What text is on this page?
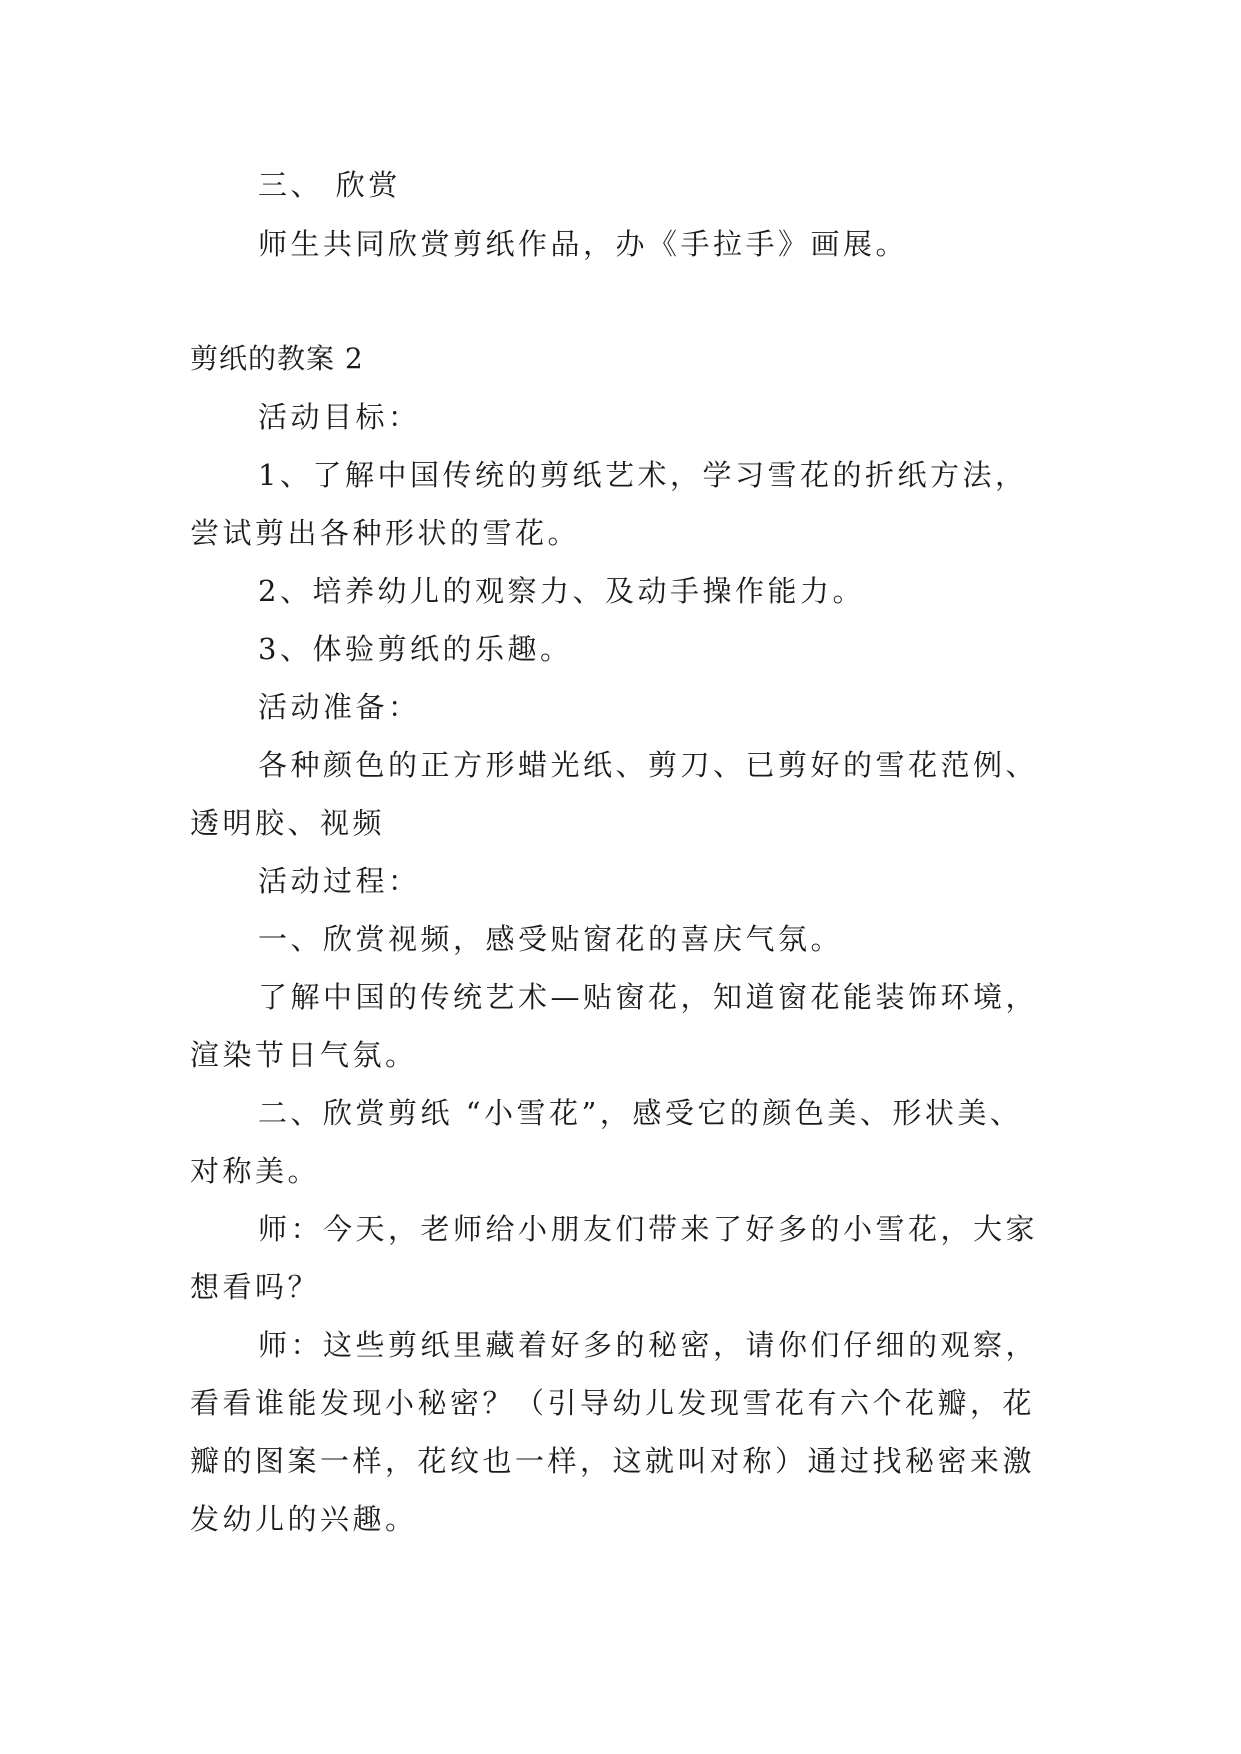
三、 欣赏
师生共同欣赏剪纸作品，办《手拉手》画展。
剪纸的教案 2
活动目标：
1、了解中国传统的剪纸艺术，学习雪花的折纸方法，
尝试剪出各种形状的雪花。
2、培养幼儿的观察力、及动手操作能力。
3、体验剪纸的乐趣。
活动准备：
各种颜色的正方形蜡光纸、剪刀、已剪好的雪花范例、
透明胶、视频
活动过程：
一、欣赏视频，感受贴窗花的喜庆气氛。
了解中国的传统艺术—贴窗花，知道窗花能装饰环境，
渲染节日气氛。
二、欣赏剪纸 “小雪花”，感受它的颜色美、形状美、
对称美。
师：今天，老师给小朋友们带来了好多的小雪花，大家
想看吗？
师：这些剪纸里藏着好多的秘密，请你们仔细的观察，
看看谁能发现小秘密？（引导幼儿发现雪花有六个花瓣，花
瓣的图案一样，花纹也一样，这就叫对称）通过找秘密来激
发幼儿的兴趣。
